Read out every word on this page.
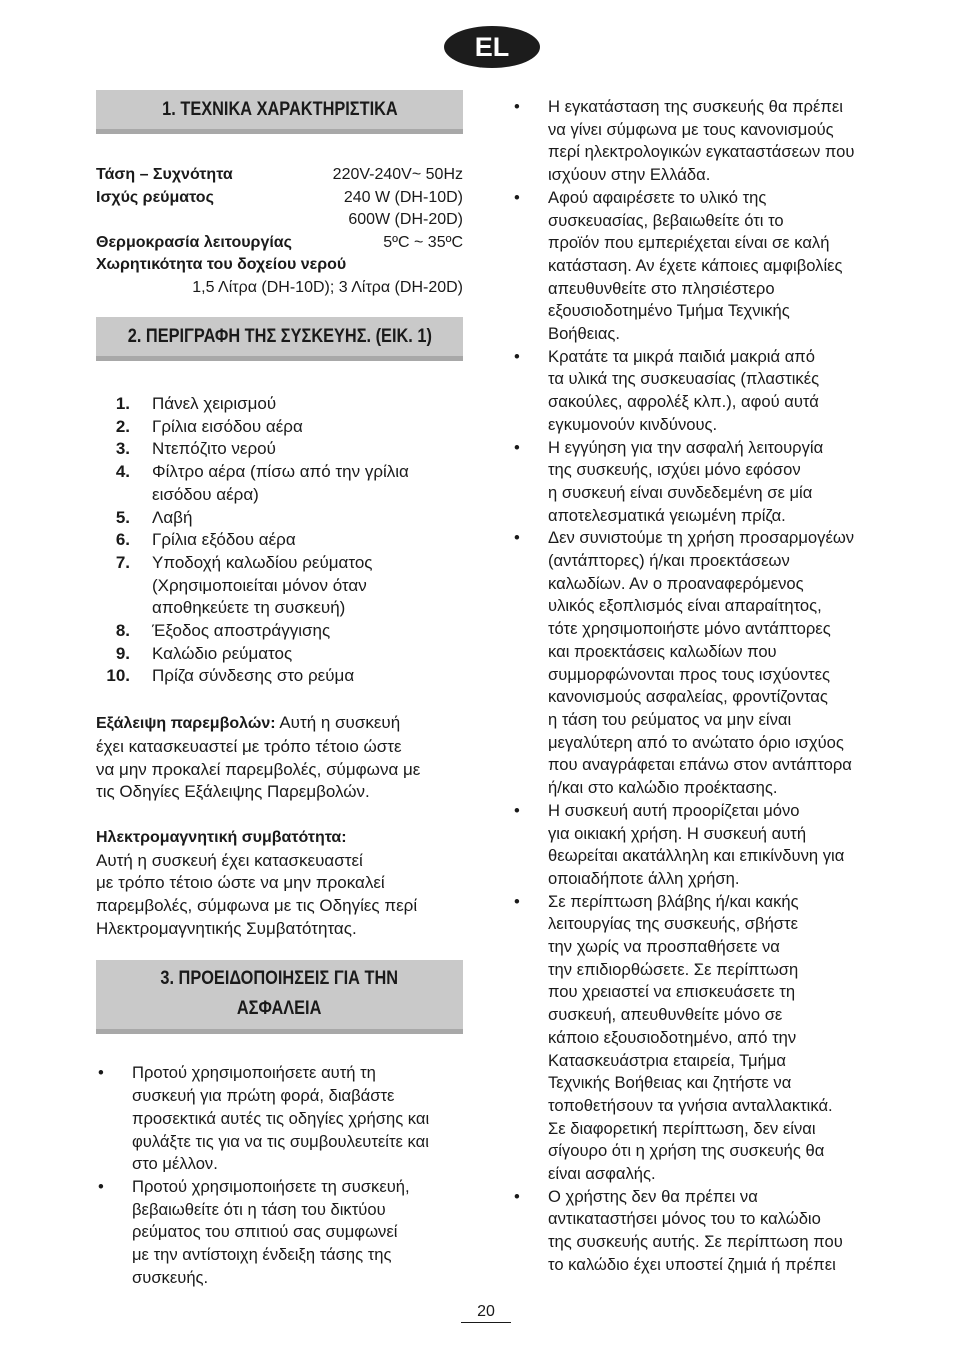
EL
1. ΤΕΧΝΙΚΑ ΧΑΡΑΚΤΗΡΙΣΤΙΚΑ
Τάση – Συχνότητα	220V-240V~ 50Hz
Ισχύς ρεύματος	240 W (DH-10D)
600W (DH-20D)
Θερμοκρασία λειτουργίας	5ºC ~ 35ºC
Χωρητικότητα του δοχείου νερού
1,5 Λίτρα (DH-10D); 3 Λίτρα (DH-20D)
2. ΠΕΡΙΓΡΑΦΗ ΤΗΣ ΣΥΣΚΕΥΗΣ. (ΕΙΚ. 1)
1.	Πάνελ χειρισμού
2.	Γρίλια εισόδου αέρα
3.	Ντεπόζιτο νερού
4.	Φίλτρο αέρα (πίσω από την γρίλια
εισόδου αέρα)
5.	Λαβή
6.	Γρίλια εξόδου αέρα
7.	Υποδοχή καλωδίου ρεύματος
(Χρησιμοποιείται μόνον όταν
αποθηκεύετε τη συσκευή)
8.	Έξοδος αποστράγγισης
9.	Καλώδιο ρεύματος
10.	Πρίζα σύνδεσης στο ρεύμα
Εξάλειψη παρεμβολών: Αυτή η συσκευή
έχει κατασκευαστεί με τρόπο τέτοιο ώστε
να μην προκαλεί παρεμβολές, σύμφωνα με
τις Οδηγίες Εξάλειψης Παρεμβολών.
Ηλεκτρομαγνητική συμβατότητα:
Αυτή η συσκευή έχει κατασκευαστεί
με τρόπο τέτοιο ώστε να μην προκαλεί
παρεμβολές, σύμφωνα με τις Οδηγίες περί
Ηλεκτρομαγνητικής Συμβατότητας.
3. ΠΡΟΕΙΔΟΠΟΙΗΣΕΙΣ ΓΙΑ ΤΗΝ
ΑΣΦΑΛΕΙΑ
•	Προτού χρησιμοποιήσετε αυτή τη
συσκευή για πρώτη φορά, διαβάστε
προσεκτικά αυτές τις οδηγίες χρήσης και
φυλάξτε τις για να τις συμβουλευτείτε και
στο μέλλον.
•	Προτού χρησιμοποιήσετε τη συσκευή,
βεβαιωθείτε ότι η τάση του δικτύου
ρεύματος του σπιτιού σας συμφωνεί
με την αντίστοιχη ένδειξη τάσης της
συσκευής.
•	Η εγκατάσταση της συσκευής θα πρέπει
να γίνει σύμφωνα με τους κανονισμούς
περί ηλεκτρολογικών εγκαταστάσεων που
ισχύουν στην Ελλάδα.
•	Αφού αφαιρέσετε το υλικό της
συσκευασίας, βεβαιωθείτε ότι το
προϊόν που εμπεριέχεται είναι σε καλή
κατάσταση. Αν έχετε κάποιες αμφιβολίες
απευθυνθείτε στο πλησιέστερο
εξουσιοδοτημένο Τμήμα Τεχνικής
Βοήθειας.
•	Κρατάτε τα μικρά παιδιά μακριά από
τα υλικά της συσκευασίας (πλαστικές
σακούλες, αφρολέξ κλπ.), αφού αυτά
εγκυμονούν κινδύνους.
•	Η εγγύηση για την ασφαλή λειτουργία
της συσκευής, ισχύει μόνο εφόσον
η συσκευή είναι συνδεδεμένη σε μία
αποτελεσματικά γειωμένη πρίζα.
•	Δεν συνιστούμε τη χρήση προσαρμογέων
(αντάπτορες) ή/και προεκτάσεων
καλωδίων. Αν ο προαναφερόμενος
υλικός εξοπλισμός είναι απαραίτητος,
τότε χρησιμοποιήστε μόνο αντάπτορες
και προεκτάσεις καλωδίων που
συμμορφώνονται προς τους ισχύοντες
κανονισμούς ασφαλείας, φροντίζοντας
η τάση του ρεύματος να μην είναι
μεγαλύτερη από το ανώτατο όριο ισχύος
που αναγράφεται επάνω στον αντάπτορα
ή/και στο καλώδιο προέκτασης.
•	Η συσκευή αυτή προορίζεται μόνο
για οικιακή χρήση. Η συσκευή αυτή
θεωρείται ακατάλληλη και επικίνδυνη για
οποιαδήποτε άλλη χρήση.
•	Σε περίπτωση βλάβης ή/και κακής
λειτουργίας της συσκευής, σβήστε
την χωρίς να προσπαθήσετε να
την επιδιορθώσετε. Σε περίπτωση
που χρειαστεί να επισκευάσετε τη
συσκευή, απευθυνθείτε μόνο σε
κάποιο εξουσιοδοτημένο, από την
Κατασκευάστρια εταιρεία, Τμήμα
Τεχνικής Βοήθειας και ζητήστε να
τοποθετήσουν τα γνήσια ανταλλακτικά.
Σε διαφορετική περίπτωση, δεν είναι
σίγουρο ότι η χρήση της συσκευής θα
είναι ασφαλής.
•	Ο χρήστης δεν θα πρέπει να
αντικαταστήσει μόνος του το καλώδιο
της συσκευής αυτής. Σε περίπτωση που
το καλώδιο έχει υποστεί ζημιά ή πρέπει
20
